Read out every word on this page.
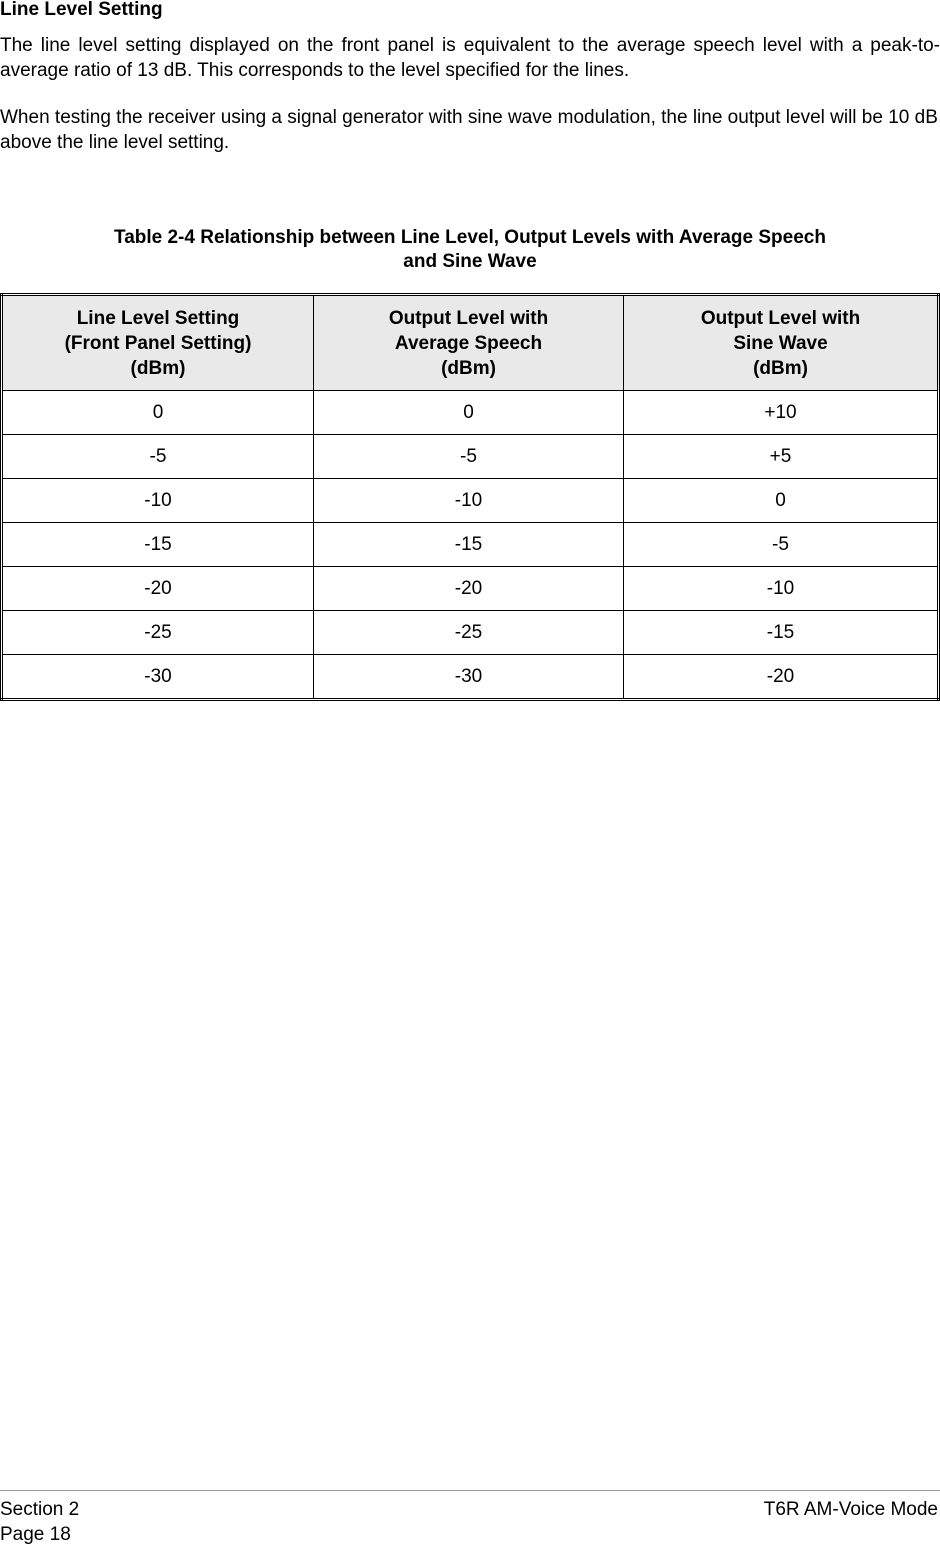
Line Level Setting
The line level setting displayed on the front panel is equivalent to the average speech level with a peak-to-average ratio of 13 dB. This corresponds to the level specified for the lines.
When testing the receiver using a signal generator with sine wave modulation, the line output level will be 10 dB above the line level setting.
Table 2-4 Relationship between Line Level, Output Levels with Average Speech
and Sine Wave
Line Level Setting
(Front Panel Setting)
(dBm)	Output Level with
Average Speech
(dBm)	Output Level with
Sine Wave
(dBm)

0	0	+10
-5	-5	+5
-10	-10	0
-15	-15	-5
-20	-20	-10
-25	-25	-15
-30	-30	-20
Section 2
Page 18
T6R AM-Voice Mode
